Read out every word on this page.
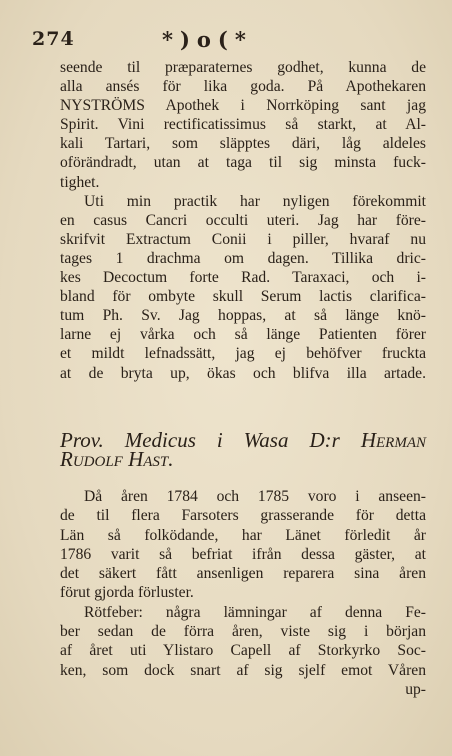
274	*)o(*
seende til præparaternes godhet, kunna de
alla ansés för lika goda. På Apothekaren
NYSTRÖMS Apothek i Norrköping sant jag
Spirit. Vini rectificatissimus så starkt, at Al-
kali Tartari, som släpptes däri, låg aldeles
oförändradt, utan at taga til sig minsta fuck-
tighet.
Uti min practik har nyligen förekommit
en casus Cancri occulti uteri. Jag har före-
skrifvit Extractum Conii i piller, hvaraf nu
tages 1 drachma om dagen. Tillika dric-
kes Decoctum forte Rad. Taraxaci, och i-
bland för ombyte skull Serum lactis clarifica-
tum Ph. Sv. Jag hoppas, at så länge knö-
larne ej vårka och så länge Patienten förer
et mildt lefnadssätt, jag ej behöfver fruckta
at de bryta up, ökas och blifva illa artade.
Prov. Medicus i Wasa D:r Herman
Rudolf Hast.
Då åren 1784 och 1785 voro i anseen-
de til flera Farsoters grasserande för detta
Län så folködande, har Länet förledit år
1786 varit så befriat ifrån dessa gäster, at
det säkert fått ansenligen reparera sina åren
förut gjorda förluster.
Rötfeber: några lämningar af denna Fe-
ber sedan de förra åren, viste sig i början
af året uti Ylistaro Capell af Storkyrko Soc-
ken, som dock snart af sig sjelf emot Våren
up-
